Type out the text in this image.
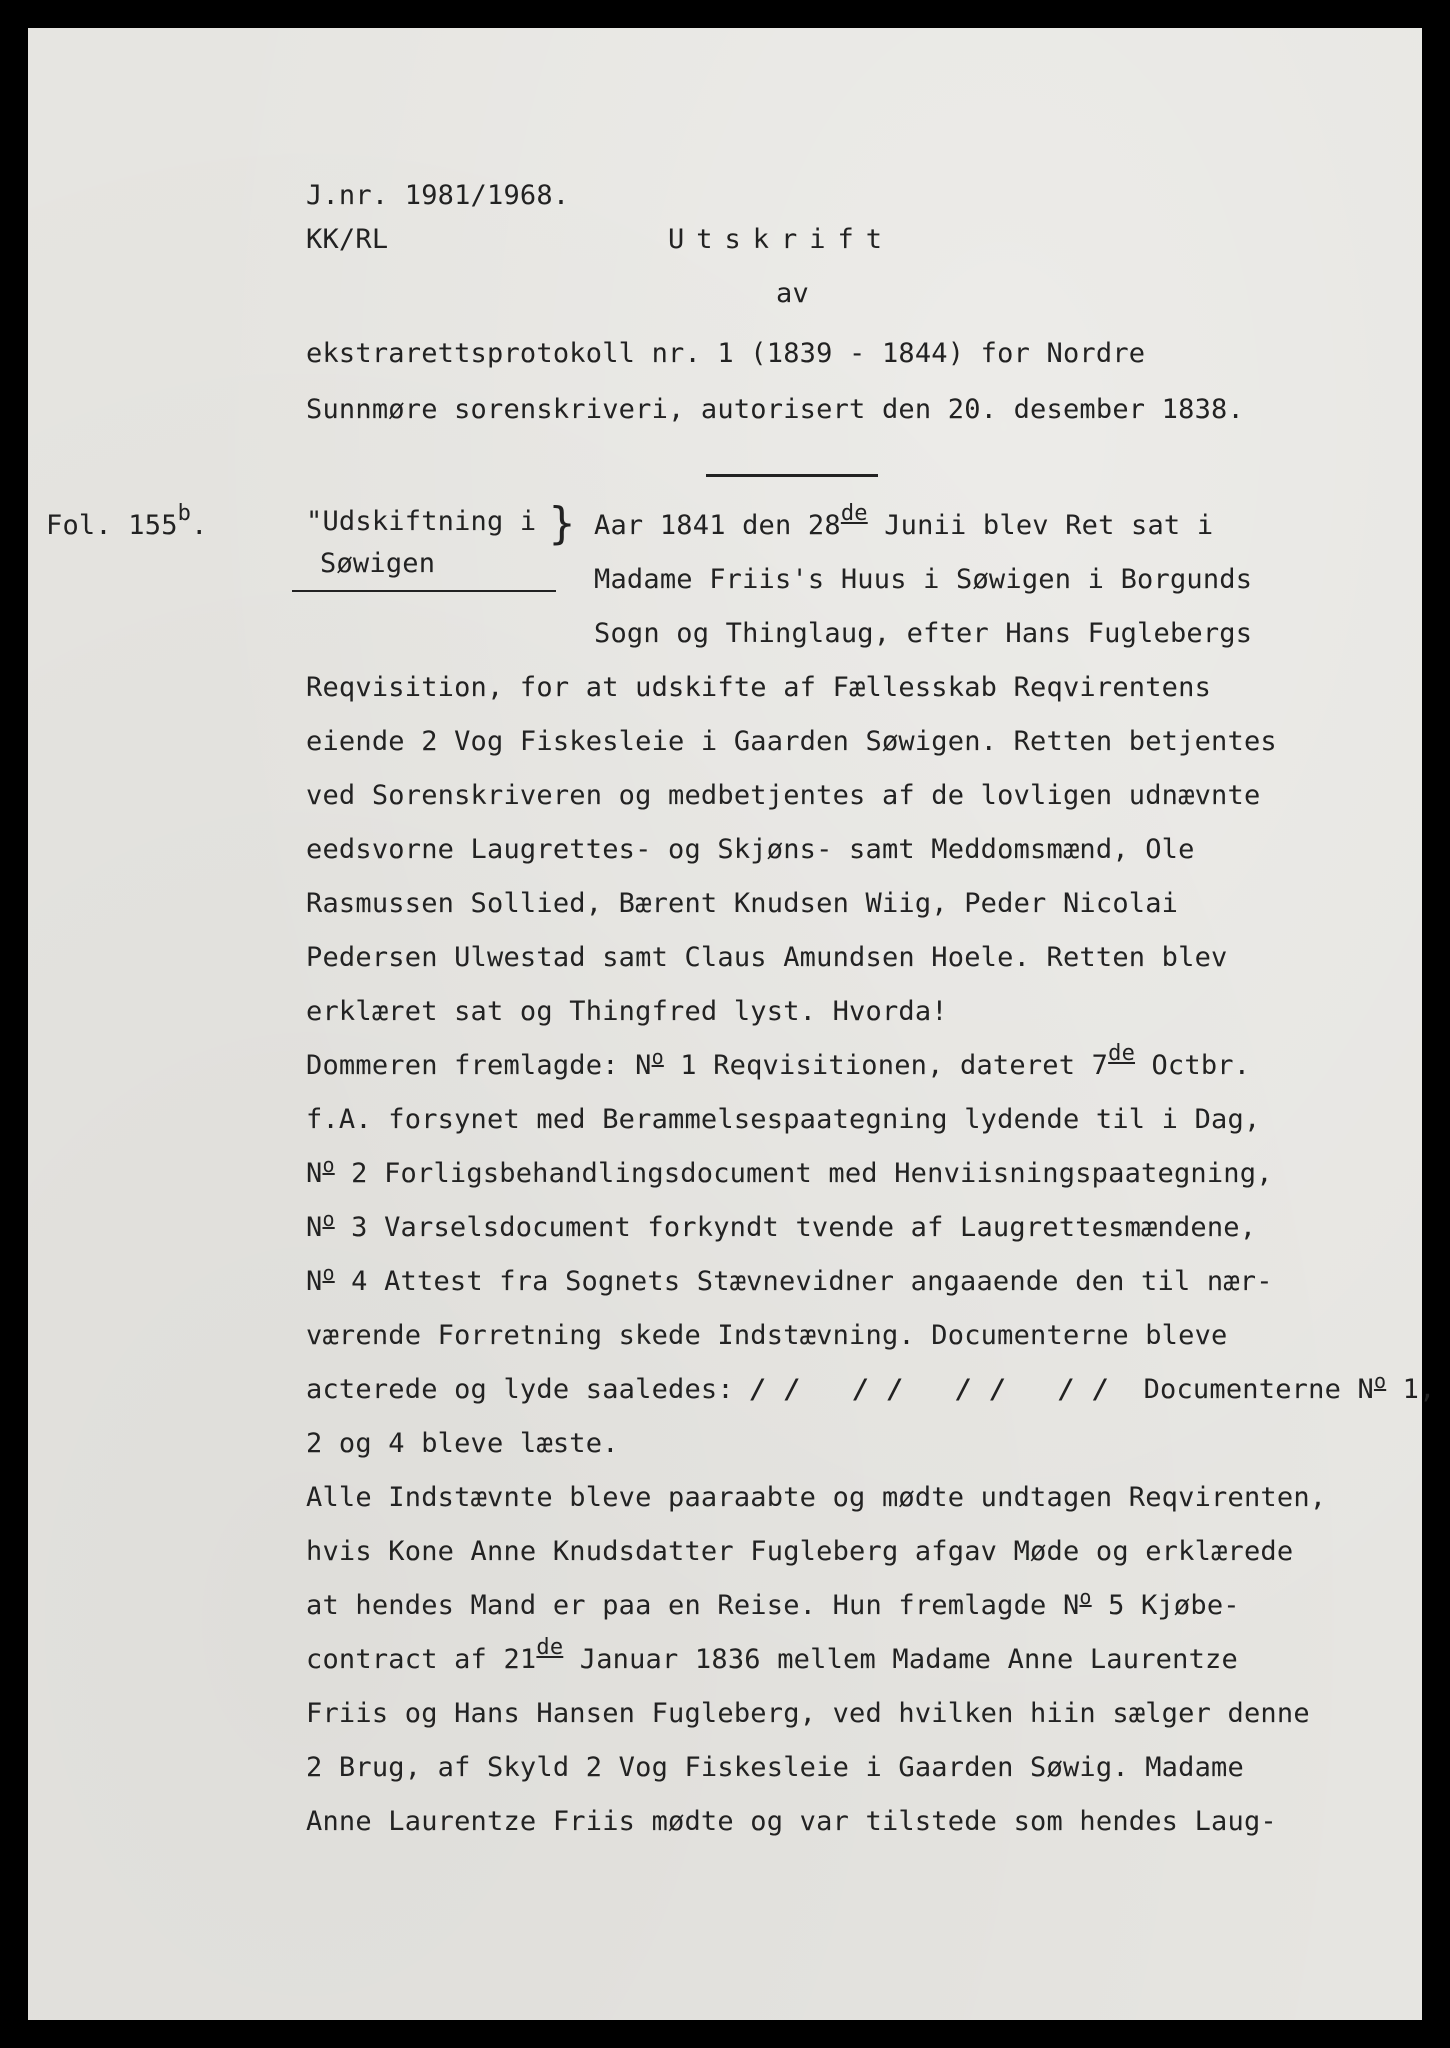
J.nr. 1981/1968.
KK/RL	Utskrift
av
ekstrarettsprotokoll nr. 1 (1839 - 1844) for Nordre
Sunnmøre sorenskriveri, autorisert den 20. desember 1838.
Fol. 155$^b$.	"Udskiftning i
Søwigen
} Aar 1841 den 28de Junii blev Ret sat i
Madame Friis's Huus i Søwigen i Borgunds
Sogn og Thinglaug, efter Hans Fuglebergs
Reqvisition, for at udskifte af Fællesskab Reqvirentens
eiende 2 Vog Fiskesleie i Gaarden Søwigen. Retten betjentes
ved Sorenskriveren og medbetjentes af de lovligen udnævnte
eedsvorne Laugrettes- og Skjøns- samt Meddomsmænd, Ole
Rasmussen Sollied, Bærent Knudsen Wiig, Peder Nicolai
Pedersen Ulwestad samt Claus Amundsen Hoele. Retten blev
erklæret sat og Thingfred lyst. Hvorda!
Dommeren fremlagde: $N^o$ 1 Reqvisitionen, dateret 7de Octbr.
f.A. forsynet med Berammelsespaategning lydende til i Dag,
$N^o$ 2 Forligsbehandlingsdocument med Henviisningspaategning,
$N^o$ 3 Varselsdocument forkyndt tvende af Laugrettesmændene,
$N^o$ 4 Attest fra Sognets Stævnevidner angaaende den til nær-
værende Forretning skede Indstævning. Documenterne bleve
acterede og lyde saaledes: // // // // Documenterne $N^o$ 1,
2 og 4 bleve læste.
Alle Indstævnte bleve paaraabte og mødte undtagen Reqvirenten,
hvis Kone Anne Knudsdatter Fugleberg afgav Møde og erklærede
at hendes Mand er paa en Reise. Hun fremlagde $N^o$ 5 Kjøbe-
contract af 21de Januar 1836 mellem Madame Anne Laurentze
Friis og Hans Hansen Fugleberg, ved hvilken hiin sælger denne
2 Brug, af Skyld 2 Vog Fiskesleie i Gaarden Søwig. Madame
Anne Laurentze Friis mødte og var tilstede som hendes Laug-
